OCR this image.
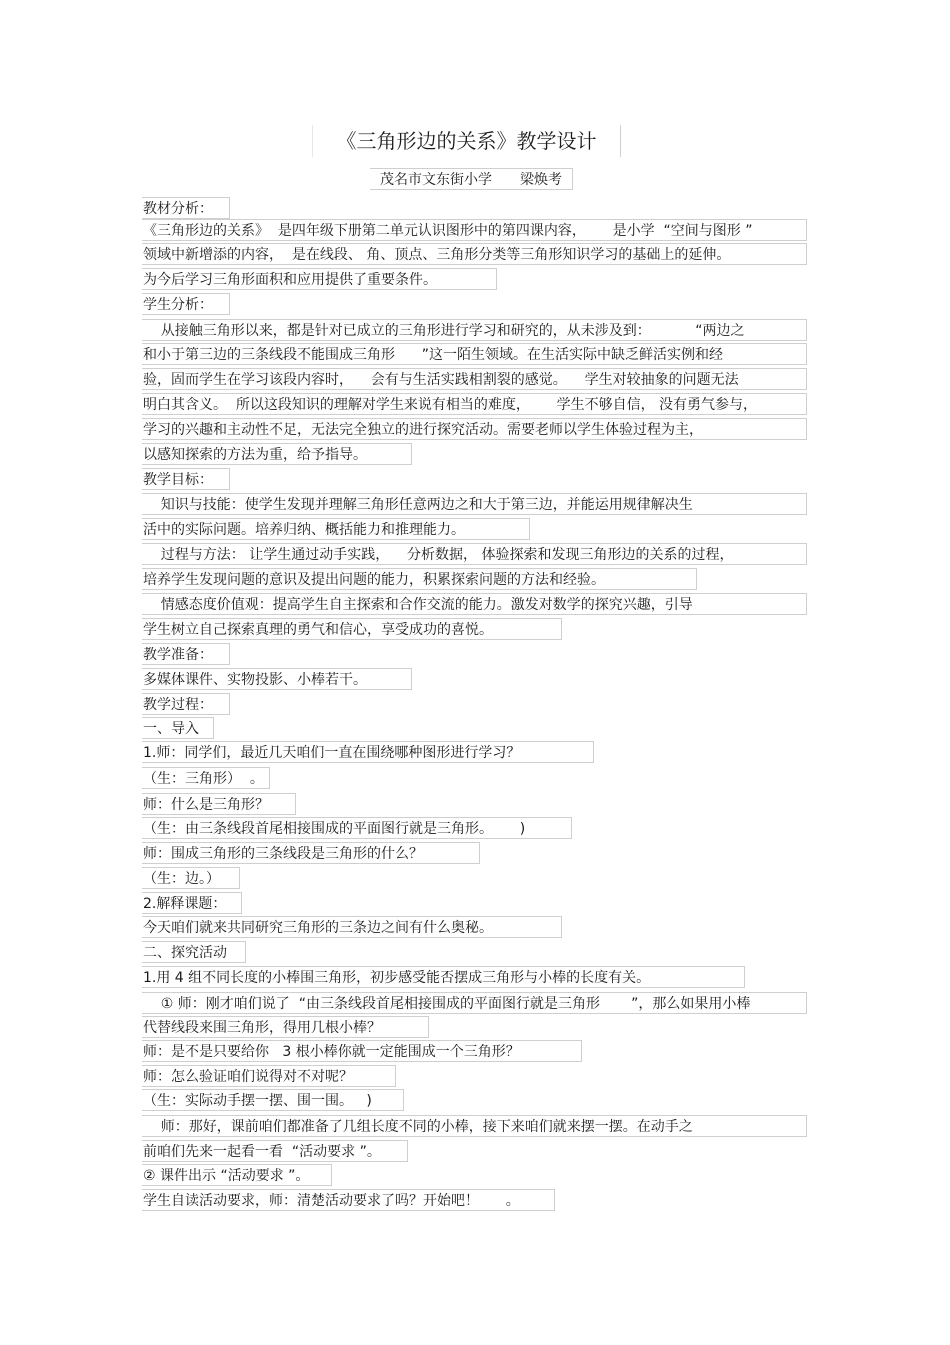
《三角形边的关系》教学设计
茂名市文东街小学　　梁焕考
教材分析：
《三角形边的关系》  是四年级下册第二单元认识图形中的第四课内容，      是小学  “空间与图形 ”
领域中新增添的内容，  是在线段、 角、顶点、三角形分类等三角形知识学习的基础上的延伸。
为今后学习三角形面积和应用提供了重要条件。
学生分析：
从接触三角形以来，都是针对已成立的三角形进行学习和研究的，从未涉及到：          “两边之
和小于第三边的三条线段不能围成三角形      ”这一陌生领域。在生活实际中缺乏鲜活实例和经
验，固而学生在学习该段内容时，    会有与生活实践相割裂的感觉。    学生对较抽象的问题无法
明白其含义。  所以这段知识的理解对学生来说有相当的难度，      学生不够自信， 没有勇气参与，
学习的兴趣和主动性不足，无法完全独立的进行探究活动。需要老师以学生体验过程为主，
以感知探索的方法为重，给予指导。
教学目标：
知识与技能：使学生发现并理解三角形任意两边之和大于第三边，并能运用规律解决生
活中的实际问题。培养归纳、概括能力和推理能力。
过程与方法： 让学生通过动手实践，    分析数据， 体验探索和发现三角形边的关系的过程，
培养学生发现问题的意识及提出问题的能力，积累探索问题的方法和经验。
情感态度价值观：提高学生自主探索和合作交流的能力。激发对数学的探究兴趣，引导
学生树立自己探索真理的勇气和信心，享受成功的喜悦。
教学准备：
多媒体课件、实物投影、小棒若干。
教学过程：
一、导入
1.师：同学们，最近几天咱们一直在围绕哪种图形进行学习？
（生：三角形）  。
师：什么是三角形？
（生：由三条线段首尾相接围成的平面图行就是三角形。      )
师：围成三角形的三条线段是三角形的什么？
（生：边。）
2.解释课题：
今天咱们就来共同研究三角形的三条边之间有什么奥秘。
二、探究活动
1.用 4 组不同长度的小棒围三角形，初步感受能否摆成三角形与小棒的长度有关。
① 师：刚才咱们说了  “由三条线段首尾相接围成的平面图行就是三角形       ”，那么如果用小棒
代替线段来围三角形，得用几根小棒？
师：是不是只要给你   3 根小棒你就一定能围成一个三角形？
师：怎么验证咱们说得对不对呢？
（生：实际动手摆一摆、围一围。   )
师：那好，课前咱们都准备了几组长度不同的小棒，接下来咱们就来摆一摆。在动手之
前咱们先来一起看一看  “活动要求 ”。
② 课件出示 “活动要求 ”。
学生自读活动要求，师：清楚活动要求了吗？开始吧！      。
